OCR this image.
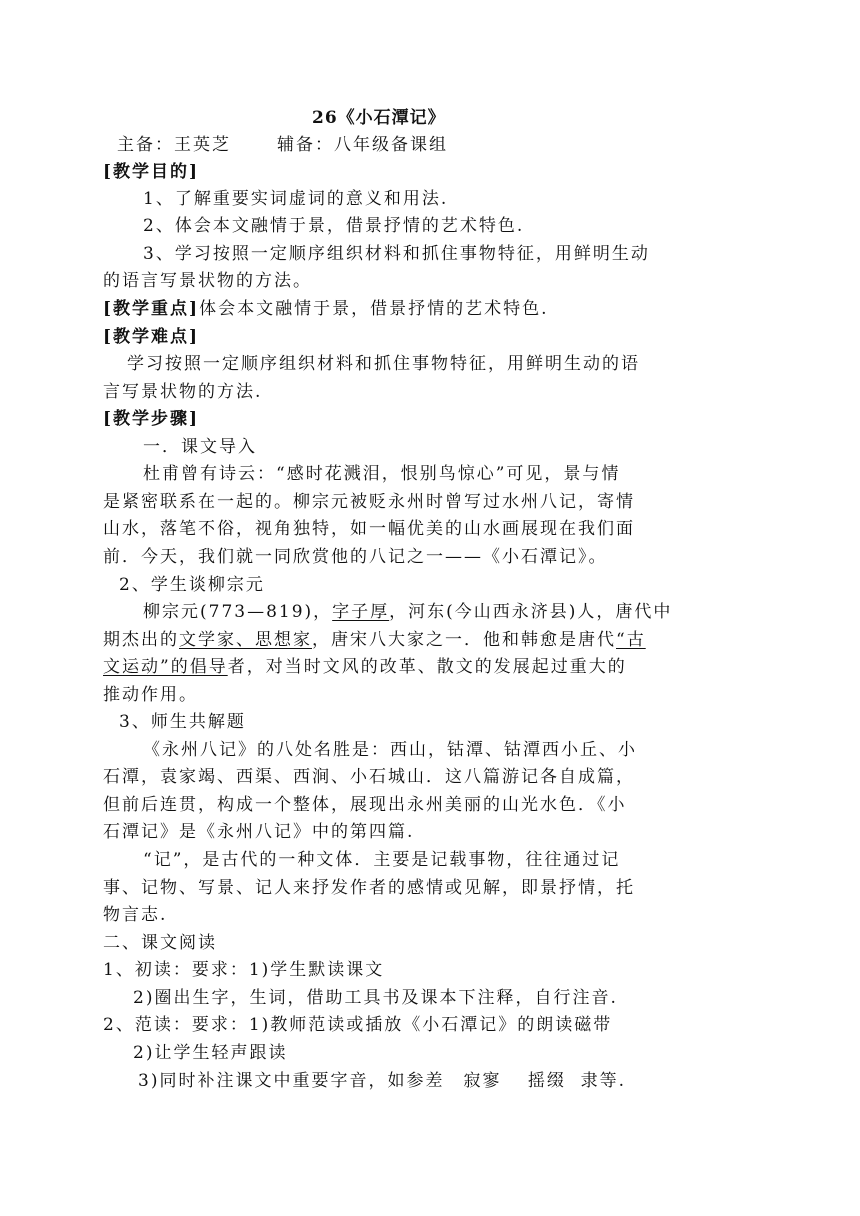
26《小石潭记》
主备：王英芝	辅备：八年级备课组
[教学目的]
1、了解重要实词虚词的意义和用法.
2、体会本文融情于景，借景抒情的艺术特色.
3、学习按照一定顺序组织材料和抓住事物特征，用鲜明生动
的语言写景状物的方法。
[教学重点]体会本文融情于景，借景抒情的艺术特色.
[教学难点]
学习按照一定顺序组织材料和抓住事物特征，用鲜明生动的语
言写景状物的方法.
[教学步骤]
一．课文导入
杜甫曾有诗云：“感时花溅泪，恨别鸟惊心”可见，景与情
是紧密联系在一起的。柳宗元被贬永州时曾写过水州八记，寄情
山水，落笔不俗，视角独特，如一幅优美的山水画展现在我们面
前．今天，我们就一同欣赏他的八记之一——《小石潭记》。
2、学生谈柳宗元
柳宗元(773—819)，字子厚，河东(今山西永济县)人，唐代中
期杰出的文学家、思想家，唐宋八大家之一．他和韩愈是唐代“古
文运动”的倡导者，对当时文风的改革、散文的发展起过重大的
推动作用。
3、师生共解题
《永州八记》的八处名胜是：西山，钴潭、钴潭西小丘、小
石潭，袁家竭、西渠、西涧、小石城山．这八篇游记各自成篇，
但前后连贯，构成一个整体，展现出永州美丽的山光水色．《小
石潭记》是《永州八记》中的第四篇.
“记”，是古代的一种文体．主要是记载事物，往往通过记
事、记物、写景、记人来抒发作者的感情或见解，即景抒情，托
物言志.
二、课文阅读
1、初读：要求：1)学生默读课文
2)圈出生字，生词，借助工具书及课本下注释，自行注音.
2、范读：要求：1)教师范读或插放《小石潭记》的朗读磁带
2)让学生轻声跟读
3)同时补注课文中重要字音，如参差　寂寥　 摇缀  隶等.
